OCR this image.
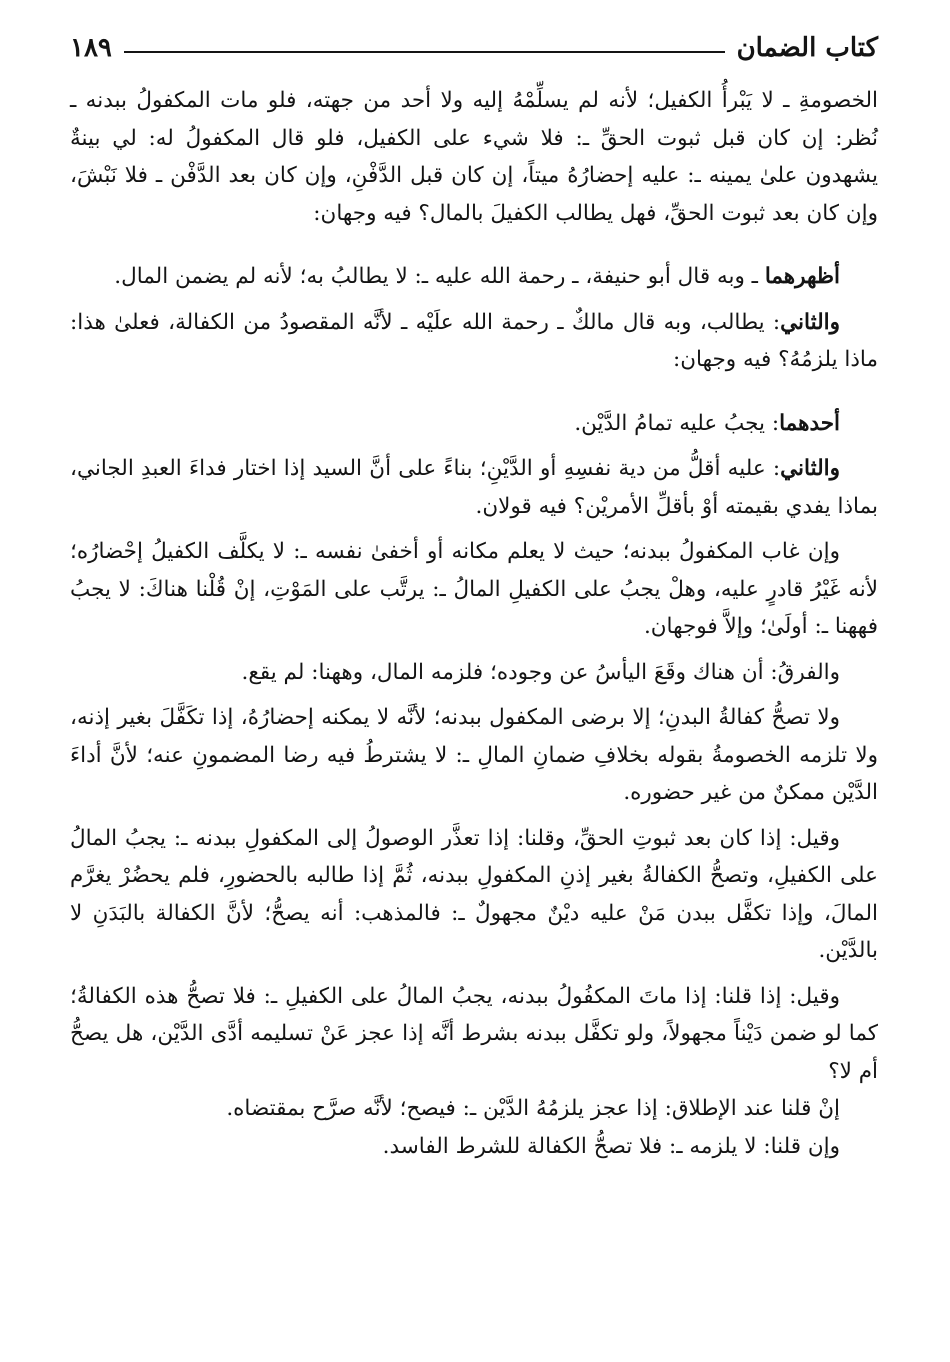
كتاب الضمان
١٨٩

الخصومةِ ـ لا يَبْرأُ الكفيل؛ لأنه لم يسلِّمْهُ إليه ولا أحد من جهته، فلو مات المكفولُ ببدنه ـ نُظر: إن كان قبل ثبوت الحقِّ ـ: فلا شيء على الكفيل، فلو قال المكفولُ له: لي بينةٌ يشهدون علىٰ يمينه ـ: عليه إحضارُهُ ميتاً، إن كان قبل الدَّفْنِ، وإن كان بعد الدَّفْن ـ فلا نَبْشَ، وإن كان بعد ثبوت الحقِّ، فهل يطالب الكفيلَ بالمال؟ فيه وجهان:

أظهرهما ـ وبه قال أبو حنيفة، ـ رحمة الله عليه ـ: لا يطالبُ به؛ لأنه لم يضمن المال.

والثاني: يطالب، وبه قال مالكٌ ـ رحمة الله علَيْه ـ لأنَّه المقصودُ من الكفالة، فعلىٰ هذا: ماذا يلزمُهُ؟ فيه وجهان:

أحدهما: يجبُ عليه تمامُ الدَّيْن.

والثاني: عليه أقلُّ من دية نفسِهِ أو الدَّيْنِ؛ بناءً على أنَّ السيد إذا اختار فداءَ العبدِ الجاني، بماذا يفدي بقيمته أوْ بأقلِّ الأمريْن؟ فيه قولان.

وإن غاب المكفولُ ببدنه؛ حيث لا يعلم مكانه أو أخفىٰ نفسه ـ: لا يكلَّف الكفيلُ إحْضارُه؛ لأنه غَيْرُ قادرٍ عليه، وهلْ يجبُ على الكفيلِ المالُ ـ: يرتَّب على المَوْتِ، إنْ قُلْنا هناكَ: لا يجبُ فههنا ـ: أولَىٰ؛ وإلاَّ فوجهان.

والفرقُ: أن هناك وقَعَ اليأسُ عن وجوده؛ فلزمه المال، وههنا: لم يقع.

ولا تصحُّ كفالةُ البدنِ؛ إلا برضى المكفول ببدنه؛ لأنَّه لا يمكنه إحضارُهُ، إذا تكَفَّلَ بغير إذنه، ولا تلزمه الخصومةُ بقوله بخلافِ ضمانِ المالِ ـ: لا يشترطُ فيه رضا المضمونِ عنه؛ لأنَّ أداءَ الدَّيْن ممكنٌ من غير حضوره.

وقيل: إذا كان بعد ثبوتِ الحقِّ، وقلنا: إذا تعذَّر الوصولُ إلى المكفولِ ببدنه ـ: يجبُ المالُ على الكفيلِ، وتصحُّ الكفالةُ بغير إذنِ المكفولِ ببدنه، ثُمَّ إذا طالبه بالحضورِ، فلم يحضُرْ يغرَّم المالَ، وإذا تكفَّل ببدن مَنْ عليه ديْنٌ مجهولٌ ـ: فالمذهب: أنه يصحُّ؛ لأنَّ الكفالة بالبَدَنِ لا بالدَّيْن.

وقيل: إذا قلنا: إذا ماتَ المكفُولُ ببدنه، يجبُ المالُ على الكفيلِ ـ: فلا تصحُّ هذه الكفالةُ؛ كما لو ضمن دَيْناً مجهولاً، ولو تكفَّل ببدنه بشرط أنَّه إذا عجز عَنْ تسليمه أدَّى الدَّيْن، هل يصحُّ أم لا؟

إنْ قلنا عند الإطلاق: إذا عجز يلزمُهُ الدَّيْن ـ: فيصح؛ لأنَّه صرَّح بمقتضاه.

وإن قلنا: لا يلزمه ـ: فلا تصحُّ الكفالة للشرط الفاسد.
